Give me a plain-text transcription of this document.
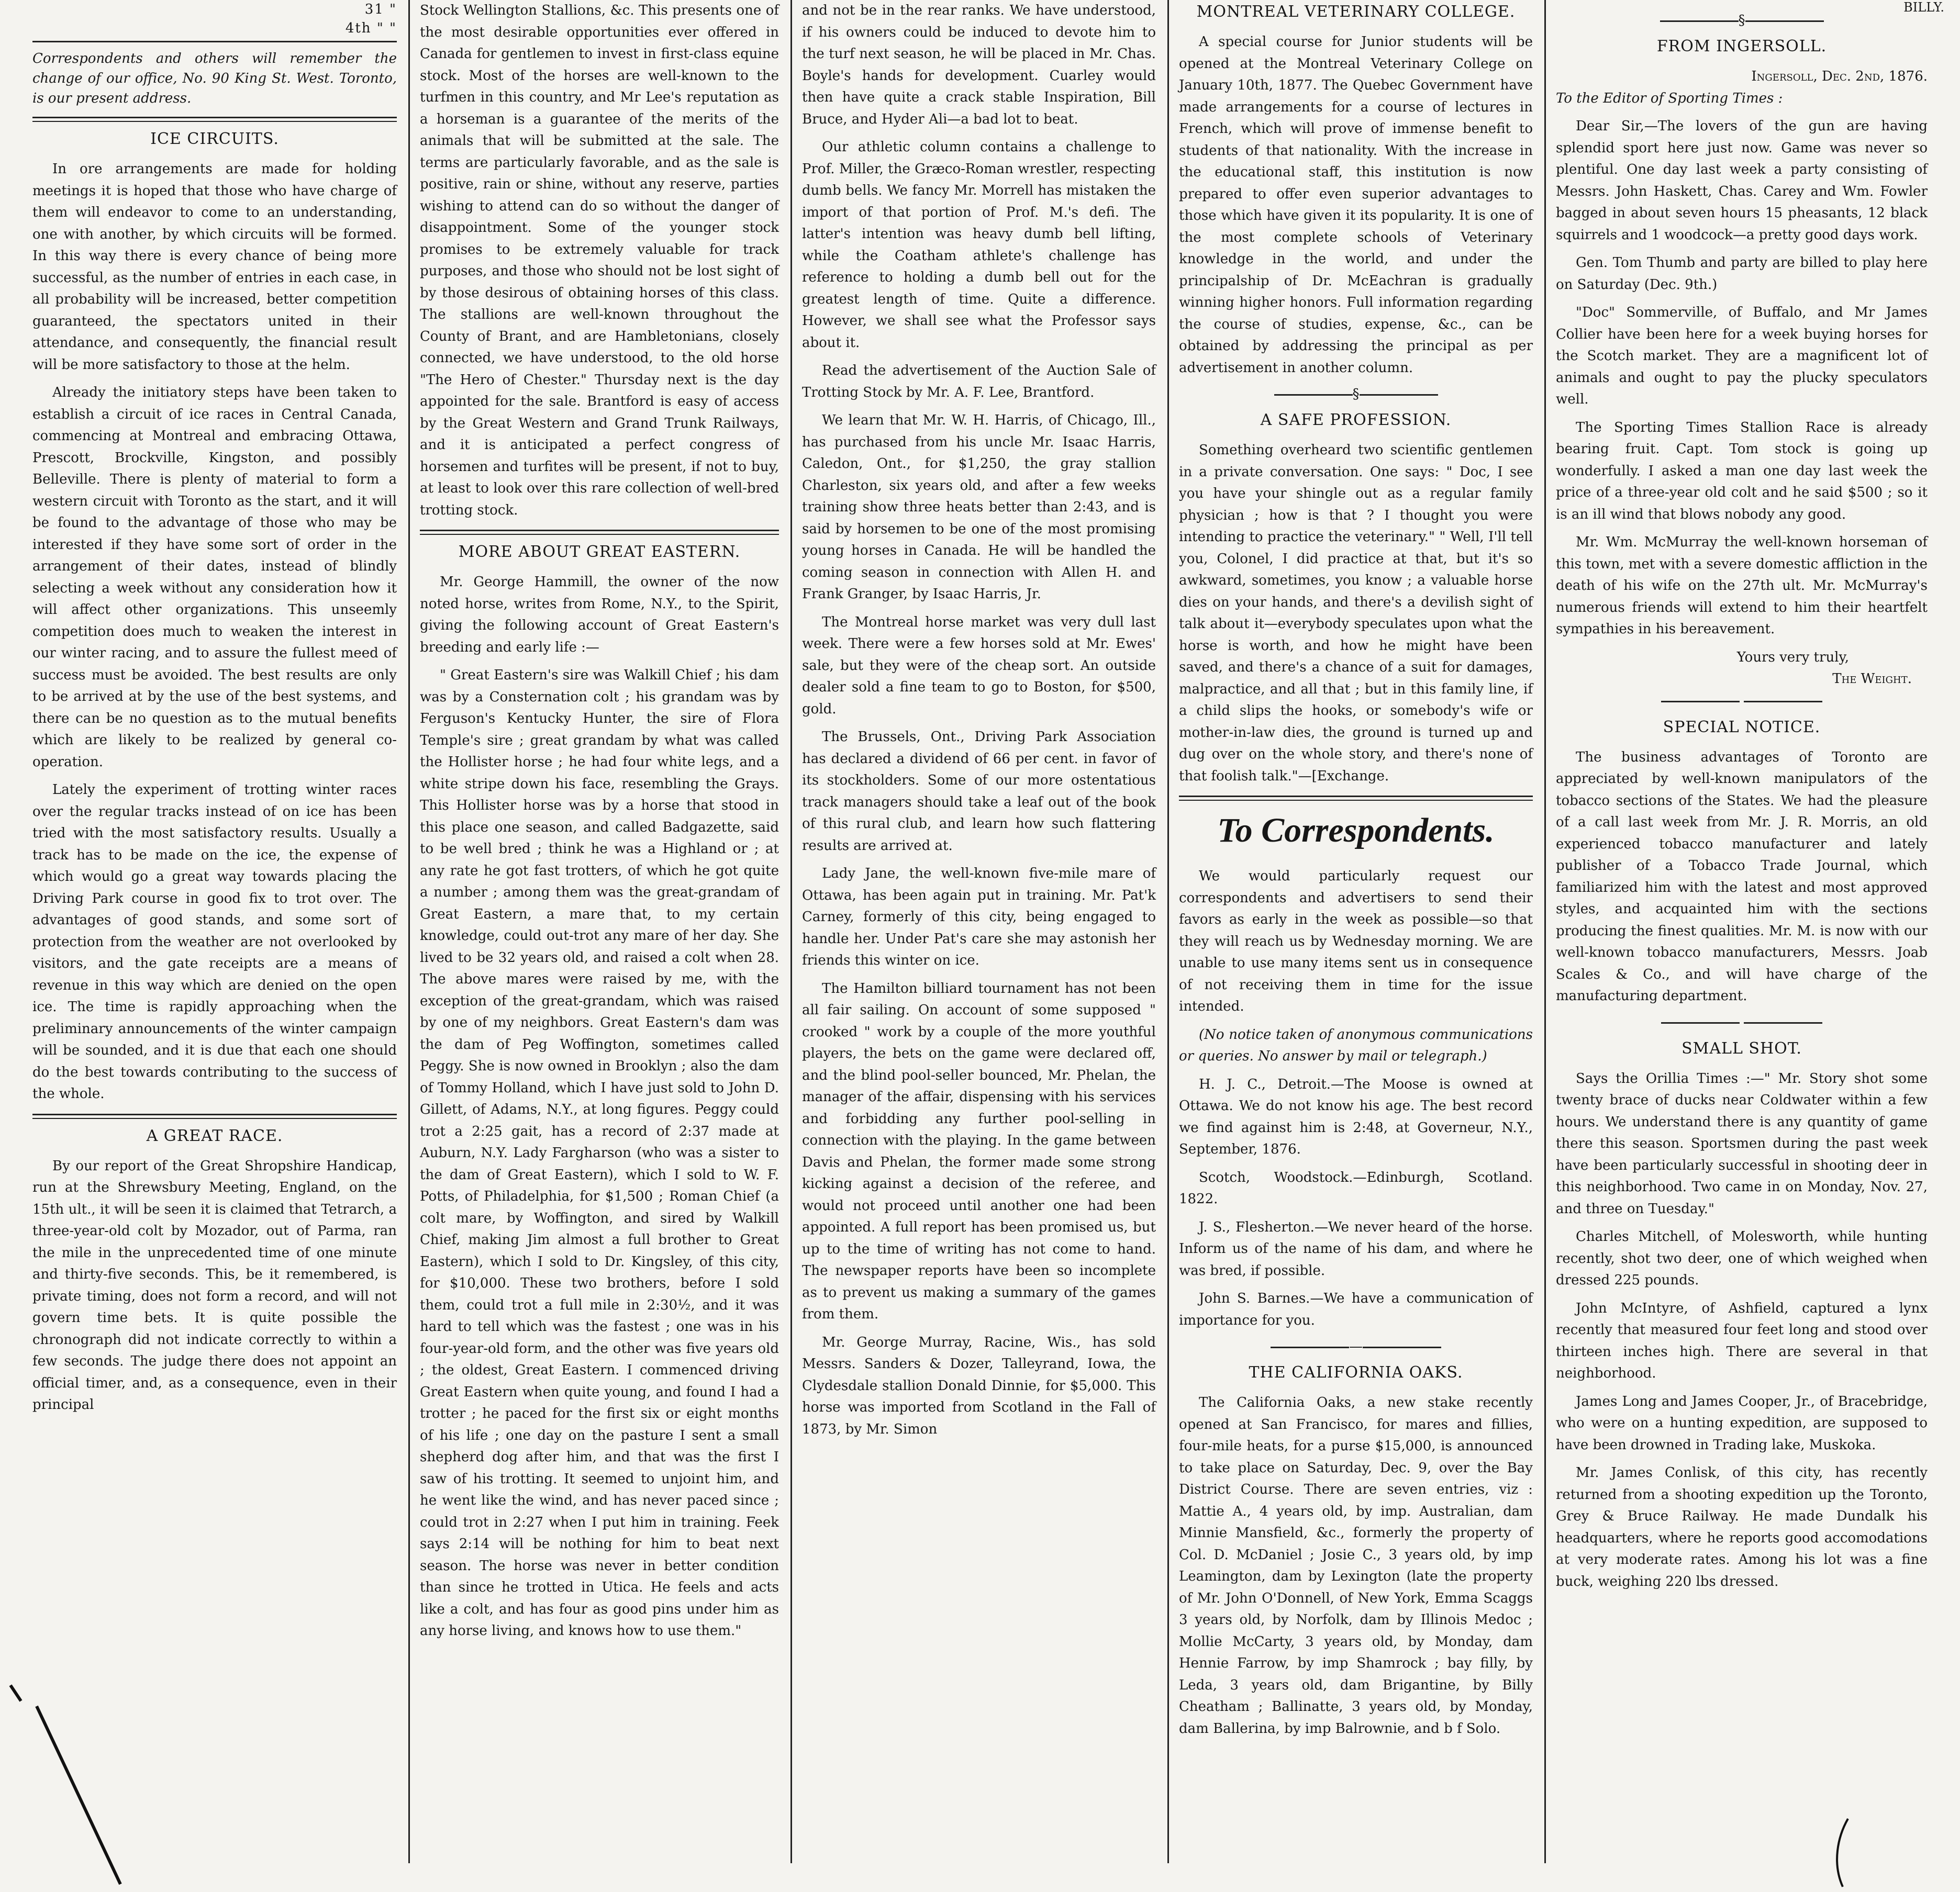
BILLY.
31 "
4th " "

Correspondents and others will remember the change of our office, No. 90 King St. West. Toronto, is our present address.

ICE CIRCUITS.

In ore arrangements are made for holding meetings it is hoped that those who have charge of them will endeavor to come to an understanding, one with another, by which circuits will be formed. In this way there is every chance of being more successful, as the number of entries in each case, in all probability will be increased, better competition guaranteed, the spectators united in their attendance, and consequently, the financial result will be more satisfactory to those at the helm.

Already the initiatory steps have been taken to establish a circuit of ice races in Central Canada, commencing at Montreal and embracing Ottawa, Prescott, Brockville, Kingston, and possibly Belleville. There is plenty of material to form a western circuit with Toronto as the start, and it will be found to the advantage of those who may be interested if they have some sort of order in the arrangement of their dates, instead of blindly selecting a week without any consideration how it will affect other organizations. This unseemly competition does much to weaken the interest in our winter racing, and to assure the fullest meed of success must be avoided. The best results are only to be arrived at by the use of the best systems, and there can be no question as to the mutual benefits which are likely to be realized by general co-operation.

Lately the experiment of trotting winter races over the regular tracks instead of on ice has been tried with the most satisfactory results. Usually a track has to be made on the ice, the expense of which would go a great way towards placing the Driving Park course in good fix to trot over. The advantages of good stands, and some sort of protection from the weather are not overlooked by visitors, and the gate receipts are a means of revenue in this way which are denied on the open ice. The time is rapidly approaching when the preliminary announcements of the winter campaign will be sounded, and it is due that each one should do the best towards contributing to the success of the whole.

A GREAT RACE.

By our report of the Great Shropshire Handicap, run at the Shrewsbury Meeting, England, on the 15th ult., it will be seen it is claimed that Tetrarch, a three-year-old colt by Mozador, out of Parma, ran the mile in the unprecedented time of one minute and thirty-five seconds. This, be it remembered, is private timing, does not form a record, and will not govern time bets. It is quite possible the chronograph did not indicate correctly to within a few seconds. The judge there does not appoint an official timer, and, as a consequence, even in their principal

Stock Wellington Stallions, &c. This presents one of the most desirable opportunities ever offered in Canada for gentlemen to invest in first-class equine stock. Most of the horses are well-known to the turfmen in this country, and Mr Lee's reputation as a horseman is a guarantee of the merits of the animals that will be submitted at the sale. The terms are particularly favorable, and as the sale is positive, rain or shine, without any reserve, parties wishing to attend can do so without the danger of disappointment. Some of the younger stock promises to be extremely valuable for track purposes, and those who should not be lost sight of by those desirous of obtaining horses of this class. The stallions are well-known throughout the County of Brant, and are Hambletonians, closely connected, we have understood, to the old horse "The Hero of Chester." Thursday next is the day appointed for the sale. Brantford is easy of access by the Great Western and Grand Trunk Railways, and it is anticipated a perfect congress of horsemen and turfites will be present, if not to buy, at least to look over this rare collection of well-bred trotting stock.

MORE ABOUT GREAT EASTERN.

Mr. George Hammill, the owner of the now noted horse, writes from Rome, N.Y., to the Spirit, giving the following account of Great Eastern's breeding and early life :—

" Great Eastern's sire was Walkill Chief ; his dam was by a Consternation colt ; his grandam was by Ferguson's Kentucky Hunter, the sire of Flora Temple's sire ; great grandam by what was called the Hollister horse ; he had four white legs, and a white stripe down his face, resembling the Grays. This Hollister horse was by a horse that stood in this place one season, and called Badgazette, said to be well bred ; think he was a Highland or ; at any rate he got fast trotters, of which he got quite a number ; among them was the great-grandam of Great Eastern, a mare that, to my certain knowledge, could out-trot any mare of her day. She lived to be 32 years old, and raised a colt when 28. The above mares were raised by me, with the exception of the great-grandam, which was raised by one of my neighbors. Great Eastern's dam was the dam of Peg Woffington, sometimes called Peggy. She is now owned in Brooklyn ; also the dam of Tommy Holland, which I have just sold to John D. Gillett, of Adams, N.Y., at long figures. Peggy could trot a 2:25 gait, has a record of 2:37 made at Auburn, N.Y. Lady Fargharson (who was a sister to the dam of Great Eastern), which I sold to W. F. Potts, of Philadelphia, for $1,500 ; Roman Chief (a colt mare, by Woffington, and sired by Walkill Chief, making Jim almost a full brother to Great Eastern), which I sold to Dr. Kingsley, of this city, for $10,000. These two brothers, before I sold them, could trot a full mile in 2:30½, and it was hard to tell which was the fastest ; one was in his four-year-old form, and the other was five years old ; the oldest, Great Eastern. I commenced driving Great Eastern when quite young, and found I had a trotter ; he paced for the first six or eight months of his life ; one day on the pasture I sent a small shepherd dog after him, and that was the first I saw of his trotting. It seemed to unjoint him, and he went like the wind, and has never paced since ; could trot in 2:27 when I put him in training. Feek says 2:14 will be nothing for him to beat next season. The horse was never in better condition than since he trotted in Utica. He feels and acts like a colt, and has four as good pins under him as any horse living, and knows how to use them."

and not be in the rear ranks. We have understood, if his owners could be induced to devote him to the turf next season, he will be placed in Mr. Chas. Boyle's hands for development. Cuarley would then have quite a crack stable Inspiration, Bill Bruce, and Hyder Ali—a bad lot to beat.

Our athletic column contains a challenge to Prof. Miller, the Græco-Roman wrestler, respecting dumb bells. We fancy Mr. Morrell has mistaken the import of that portion of Prof. M.'s defi. The latter's intention was heavy dumb bell lifting, while the Coatham athlete's challenge has reference to holding a dumb bell out for the greatest length of time. Quite a difference. However, we shall see what the Professor says about it.

Read the advertisement of the Auction Sale of Trotting Stock by Mr. A. F. Lee, Brantford.

We learn that Mr. W. H. Harris, of Chicago, Ill., has purchased from his uncle Mr. Isaac Harris, Caledon, Ont., for $1,250, the gray stallion Charleston, six years old, and after a few weeks training show three heats better than 2:43, and is said by horsemen to be one of the most promising young horses in Canada. He will be handled the coming season in connection with Allen H. and Frank Granger, by Isaac Harris, Jr.

The Montreal horse market was very dull last week. There were a few horses sold at Mr. Ewes' sale, but they were of the cheap sort. An outside dealer sold a fine team to go to Boston, for $500, gold.

The Brussels, Ont., Driving Park Association has declared a dividend of 66 per cent. in favor of its stockholders. Some of our more ostentatious track managers should take a leaf out of the book of this rural club, and learn how such flattering results are arrived at.

Lady Jane, the well-known five-mile mare of Ottawa, has been again put in training. Mr. Pat'k Carney, formerly of this city, being engaged to handle her. Under Pat's care she may astonish her friends this winter on ice.

The Hamilton billiard tournament has not been all fair sailing. On account of some supposed " crooked " work by a couple of the more youthful players, the bets on the game were declared off, and the blind pool-seller bounced, Mr. Phelan, the manager of the affair, dispensing with his services and forbidding any further pool-selling in connection with the playing. In the game between Davis and Phelan, the former made some strong kicking against a decision of the referee, and would not proceed until another one had been appointed. A full report has been promised us, but up to the time of writing has not come to hand. The newspaper reports have been so incomplete as to prevent us making a summary of the games from them.

Mr. George Murray, Racine, Wis., has sold Messrs. Sanders & Dozer, Talleyrand, Iowa, the Clydesdale stallion Donald Dinnie, for $5,000. This horse was imported from Scotland in the Fall of 1873, by Mr. Simon

MONTREAL VETERINARY COLLEGE.

A special course for Junior students will be opened at the Montreal Veterinary College on January 10th, 1877. The Quebec Government have made arrangements for a course of lectures in French, which will prove of immense benefit to students of that nationality. With the increase in the educational staff, this institution is now prepared to offer even superior advantages to those which have given it its popularity. It is one of the most complete schools of Veterinary knowledge in the world, and under the principalship of Dr. McEachran is gradually winning higher honors. Full information regarding the course of studies, expense, &c., can be obtained by addressing the principal as per advertisement in another column.

§
A SAFE PROFESSION.

Something overheard two scientific gentlemen in a private conversation. One says: " Doc, I see you have your shingle out as a regular family physician ; how is that ? I thought you were intending to practice the veterinary." " Well, I'll tell you, Colonel, I did practice at that, but it's so awkward, sometimes, you know ; a valuable horse dies on your hands, and there's a devilish sight of talk about it—everybody speculates upon what the horse is worth, and how he might have been saved, and there's a chance of a suit for damages, malpractice, and all that ; but in this family line, if a child slips the hooks, or somebody's wife or mother-in-law dies, the ground is turned up and dug over on the whole story, and there's none of that foolish talk."—[Exchange.

To Correspondents.

We would particularly request our correspondents and advertisers to send their favors as early in the week as possible—so that they will reach us by Wednesday morning. We are unable to use many items sent us in consequence of not receiving them in time for the issue intended.

(No notice taken of anonymous communications or queries. No answer by mail or telegraph.)

H. J. C., Detroit.—The Moose is owned at Ottawa. We do not know his age. The best record we find against him is 2:48, at Governeur, N.Y., September, 1876.

Scotch, Woodstock.—Edinburgh, Scotland. 1822.

J. S., Flesherton.—We never heard of the horse. Inform us of the name of his dam, and where he was bred, if possible.

John S. Barnes.—We have a communication of importance for you.

—
THE CALIFORNIA OAKS.

The California Oaks, a new stake recently opened at San Francisco, for mares and fillies, four-mile heats, for a purse $15,000, is announced to take place on Saturday, Dec. 9, over the Bay District Course. There are seven entries, viz : Mattie A., 4 years old, by imp. Australian, dam Minnie Mansfield, &c., formerly the property of Col. D. McDaniel ; Josie C., 3 years old, by imp Leamington, dam by Lexington (late the property of Mr. John O'Donnell, of New York, Emma Scaggs 3 years old, by Norfolk, dam by Illinois Medoc ; Mollie McCarty, 3 years old, by Monday, dam Hennie Farrow, by imp Shamrock ; bay filly, by Leda, 3 years old, dam Brigantine, by Billy Cheatham ; Ballinatte, 3 years old, by Monday, dam Ballerina, by imp Balrownie, and b f Solo.

§
FROM INGERSOLL.
Ingersoll, Dec. 2nd, 1876.

To the Editor of Sporting Times :

Dear Sir,—The lovers of the gun are having splendid sport here just now. Game was never so plentiful. One day last week a party consisting of Messrs. John Haskett, Chas. Carey and Wm. Fowler bagged in about seven hours 15 pheasants, 12 black squirrels and 1 woodcock—a pretty good days work.

Gen. Tom Thumb and party are billed to play here on Saturday (Dec. 9th.)

"Doc" Sommerville, of Buffalo, and Mr James Collier have been here for a week buying horses for the Scotch market. They are a magnificent lot of animals and ought to pay the plucky speculators well.

The Sporting Times Stallion Race is already bearing fruit. Capt. Tom stock is going up wonderfully. I asked a man one day last week the price of a three-year old colt and he said $500 ; so it is an ill wind that blows nobody any good.

Mr. Wm. McMurray the well-known horseman of this town, met with a severe domestic affliction in the death of his wife on the 27th ult. Mr. McMurray's numerous friends will extend to him their heartfelt sympathies in his bereavement.

Yours very truly,
The Weight.

SPECIAL NOTICE.

The business advantages of Toronto are appreciated by well-known manipulators of the tobacco sections of the States. We had the pleasure of a call last week from Mr. J. R. Morris, an old experienced tobacco manufacturer and lately publisher of a Tobacco Trade Journal, which familiarized him with the latest and most approved styles, and acquainted him with the sections producing the finest qualities. Mr. M. is now with our well-known tobacco manufacturers, Messrs. Joab Scales & Co., and will have charge of the manufacturing department.

SMALL SHOT.

Says the Orillia Times :—" Mr. Story shot some twenty brace of ducks near Coldwater within a few hours. We understand there is any quantity of game there this season. Sportsmen during the past week have been particularly successful in shooting deer in this neighborhood. Two came in on Monday, Nov. 27, and three on Tuesday."

Charles Mitchell, of Molesworth, while hunting recently, shot two deer, one of which weighed when dressed 225 pounds.

John McIntyre, of Ashfield, captured a lynx recently that measured four feet long and stood over thirteen inches high. There are several in that neighborhood.

James Long and James Cooper, Jr., of Bracebridge, who were on a hunting expedition, are supposed to have been drowned in Trading lake, Muskoka.

Mr. James Conlisk, of this city, has recently returned from a shooting expedition up the Toronto, Grey & Bruce Railway. He made Dundalk his headquarters, where he reports good accomodations at very moderate rates. Among his lot was a fine buck, weighing 220 lbs dressed.
